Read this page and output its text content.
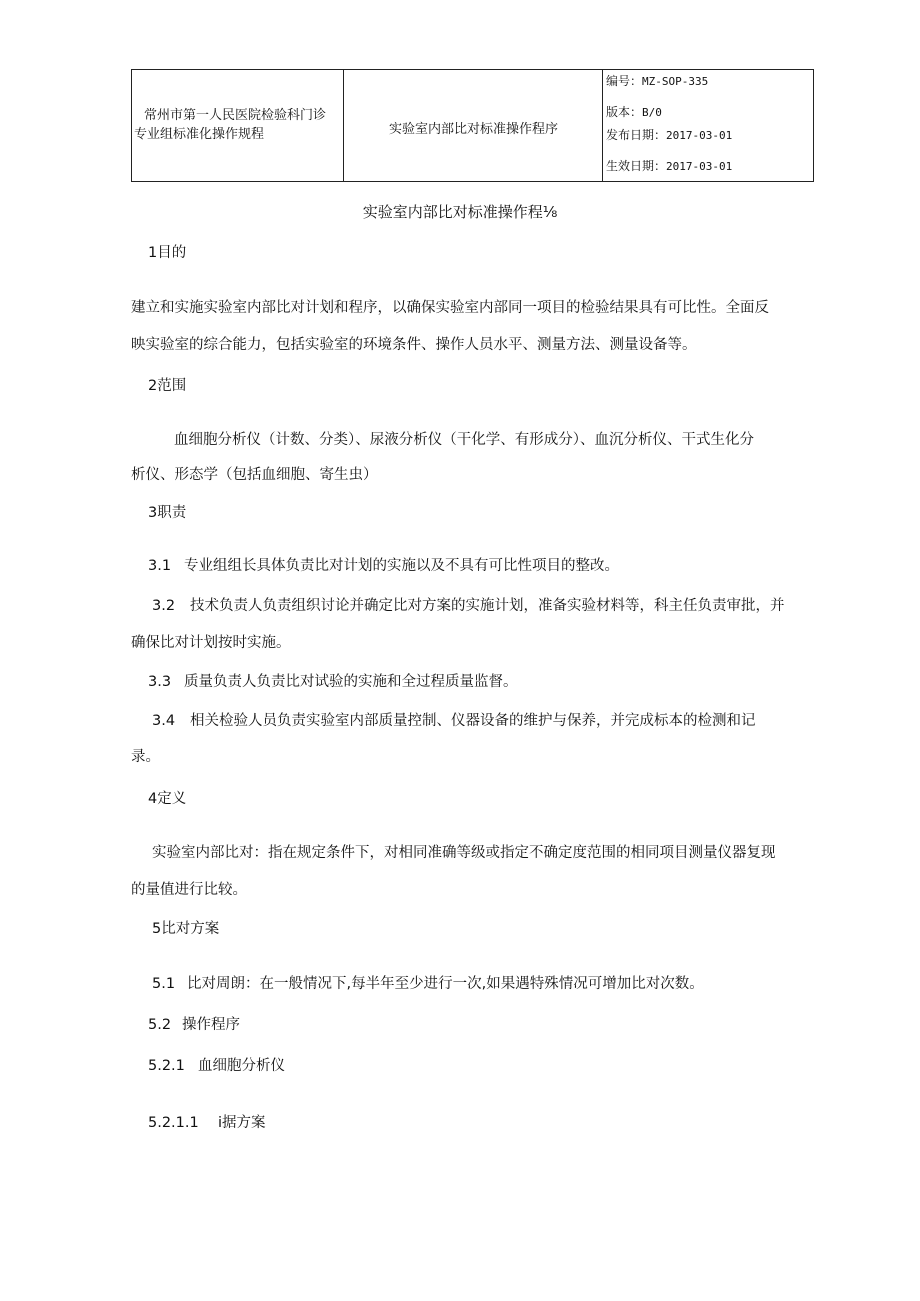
常州市第一人民医院检验科门诊
专业组标准化操作规程	实验室内部比对标准操作程序
编号：MZ-SOP-335
版本：B/0
发布日期：2017-03-01
生效日期：2017-03-01
实验室内部比对标准操作程⅛
1目的
建立和实施实验室内部比对计划和程序，以确保实验室内部同一项目的检验结果具有可比性。全面反
映实验室的综合能力，包括实验室的环境条件、操作人员水平、测量方法、测量设备等。
2范围
血细胞分析仪（计数、分类）、尿液分析仪（干化学、有形成分）、血沉分析仪、干式生化分
析仪、形态学（包括血细胞、寄生虫）
3职责
3.1 专业组组长具体负责比对计划的实施以及不具有可比性项目的整改。
3.2 技术负责人负责组织讨论并确定比对方案的实施计划，准备实验材料等，科主任负责审批，并
确保比对计划按时实施。
3.3 质量负责人负责比对试验的实施和全过程质量监督。
3.4 相关检验人员负责实验室内部质量控制、仪器设备的维护与保养，并完成标本的检测和记
录。
4定义
实验室内部比对：指在规定条件下，对相同准确等级或指定不确定度范围的相同项目测量仪器复现
的量值进行比较。
5比对方案
5.1 比对周朗：在一般情况下,每半年至少进行一次,如果遇特殊情况可增加比对次数。
5.2 操作程序
5.2.1 血细胞分析仪
5.2.1.1 i据方案
